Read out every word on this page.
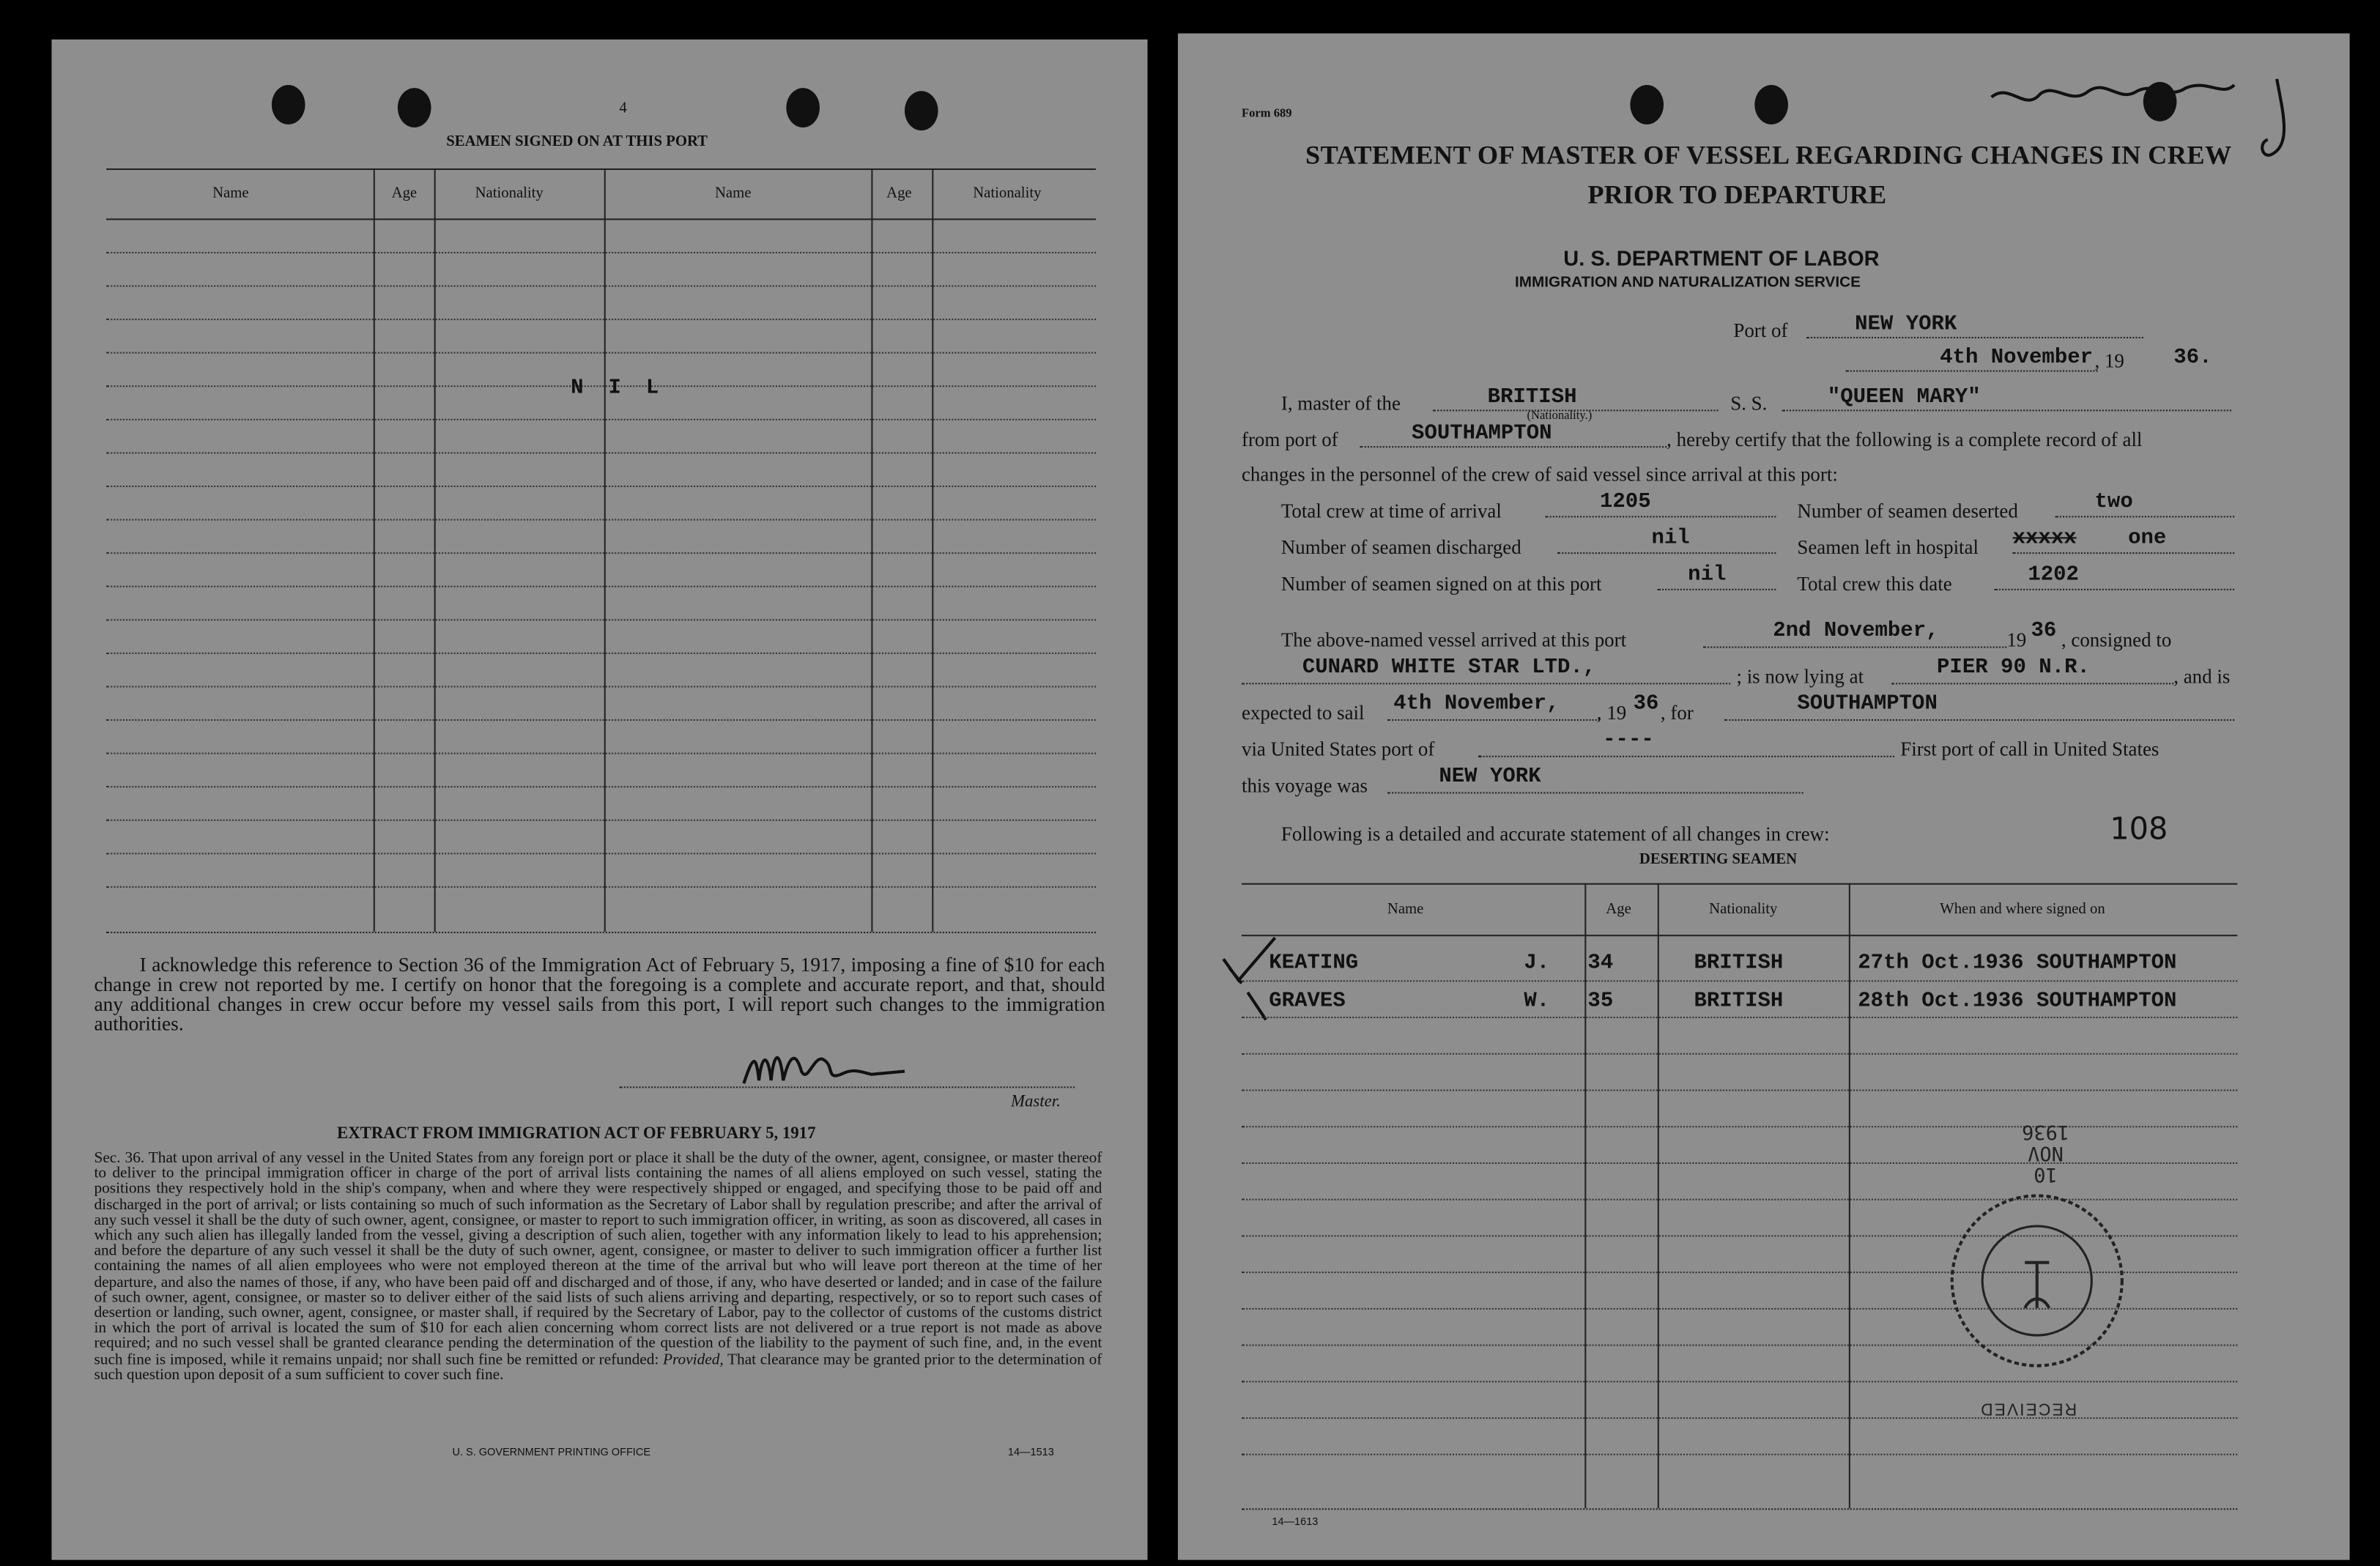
4
SEAMEN SIGNED ON AT THIS PORT
Name	Age	Nationality	Name	Age	Nationality
N I L
I acknowledge this reference to Section 36 of the Immigration Act of February 5, 1917, imposing a fine of $10 for each change in crew not reported by me. I certify on honor that the foregoing is a complete and accurate report, and that, should any additional changes in crew occur before my vessel sails from this port, I will report such changes to the immigration authorities.
Master.
EXTRACT FROM IMMIGRATION ACT OF FEBRUARY 5, 1917
Sec. 36. That upon arrival of any vessel in the United States from any foreign port or place it shall be the duty of the owner, agent, consignee, or master thereof to deliver to the principal immigration officer in charge of the port of arrival lists containing the names of all aliens employed on such vessel, stating the positions they respectively hold in the ship's company, when and where they were respectively shipped or engaged, and specifying those to be paid off and discharged in the port of arrival; or lists containing so much of such information as the Secretary of Labor shall by regulation prescribe; and after the arrival of any such vessel it shall be the duty of such owner, agent, consignee, or master to report to such immigration officer, in writing, as soon as discovered, all cases in which any such alien has illegally landed from the vessel, giving a description of such alien, together with any information likely to lead to his apprehension; and before the departure of any such vessel it shall be the duty of such owner, agent, consignee, or master to deliver to such immigration officer a further list containing the names of all alien employees who were not employed thereon at the time of the arrival but who will leave port thereon at the time of her departure, and also the names of those, if any, who have been paid off and discharged and of those, if any, who have deserted or landed; and in case of the failure of such owner, agent, consignee, or master so to deliver either of the said lists of such aliens arriving and departing, respectively, or so to report such cases of desertion or landing, such owner, agent, consignee, or master shall, if required by the Secretary of Labor, pay to the collector of customs of the customs district in which the port of arrival is located the sum of $10 for each alien concerning whom correct lists are not delivered or a true report is not made as above required; and no such vessel shall be granted clearance pending the determination of the question of the liability to the payment of such fine, and, in the event such fine is imposed, while it remains unpaid; nor shall such fine be remitted or refunded: Provided, That clearance may be granted prior to the determination of such question upon deposit of a sum sufficient to cover such fine.
U. S. GOVERNMENT PRINTING OFFICE	14—1513
Queen Mary
Form 689
STATEMENT OF MASTER OF VESSEL REGARDING CHANGES IN CREW
PRIOR TO DEPARTURE
U. S. DEPARTMENT OF LABOR
IMMIGRATION AND NATURALIZATION SERVICE
Port of	NEW YORK
4th November , 19	36.
I, master of the	BRITISH
(Nationality.)
S. S.	"QUEEN MARY"
from port of	SOUTHAMPTON	, hereby certify that the following is a complete record of all
changes in the personnel of the crew of said vessel since arrival at this port:
Total crew at time of arrival	1205	Number of seamen deserted	two
Number of seamen discharged	nil	Seamen left in hospital	xxxxx	one
Number of seamen signed on at this port	nil	Total crew this date	1202
The above-named vessel arrived at this port	2nd November,	19 36 , consigned to
CUNARD WHITE STAR LTD.,	; is now lying at	PIER 90 N.R.	, and is
expected to sail	4th November,	, 19 36 , for	SOUTHAMPTON
via United States port of	----	First port of call in United States
this voyage was	NEW YORK
Following is a detailed and accurate statement of all changes in crew:	108
DESERTING SEAMEN
Name	Age	Nationality	When and where signed on
KEATING	J.	34	BRITISH	27th Oct.1936 SOUTHAMPTON
GRAVES	W.	35	BRITISH	28th Oct.1936 SOUTHAMPTON
10
NOV
1936
RECEIVED
14—1613
